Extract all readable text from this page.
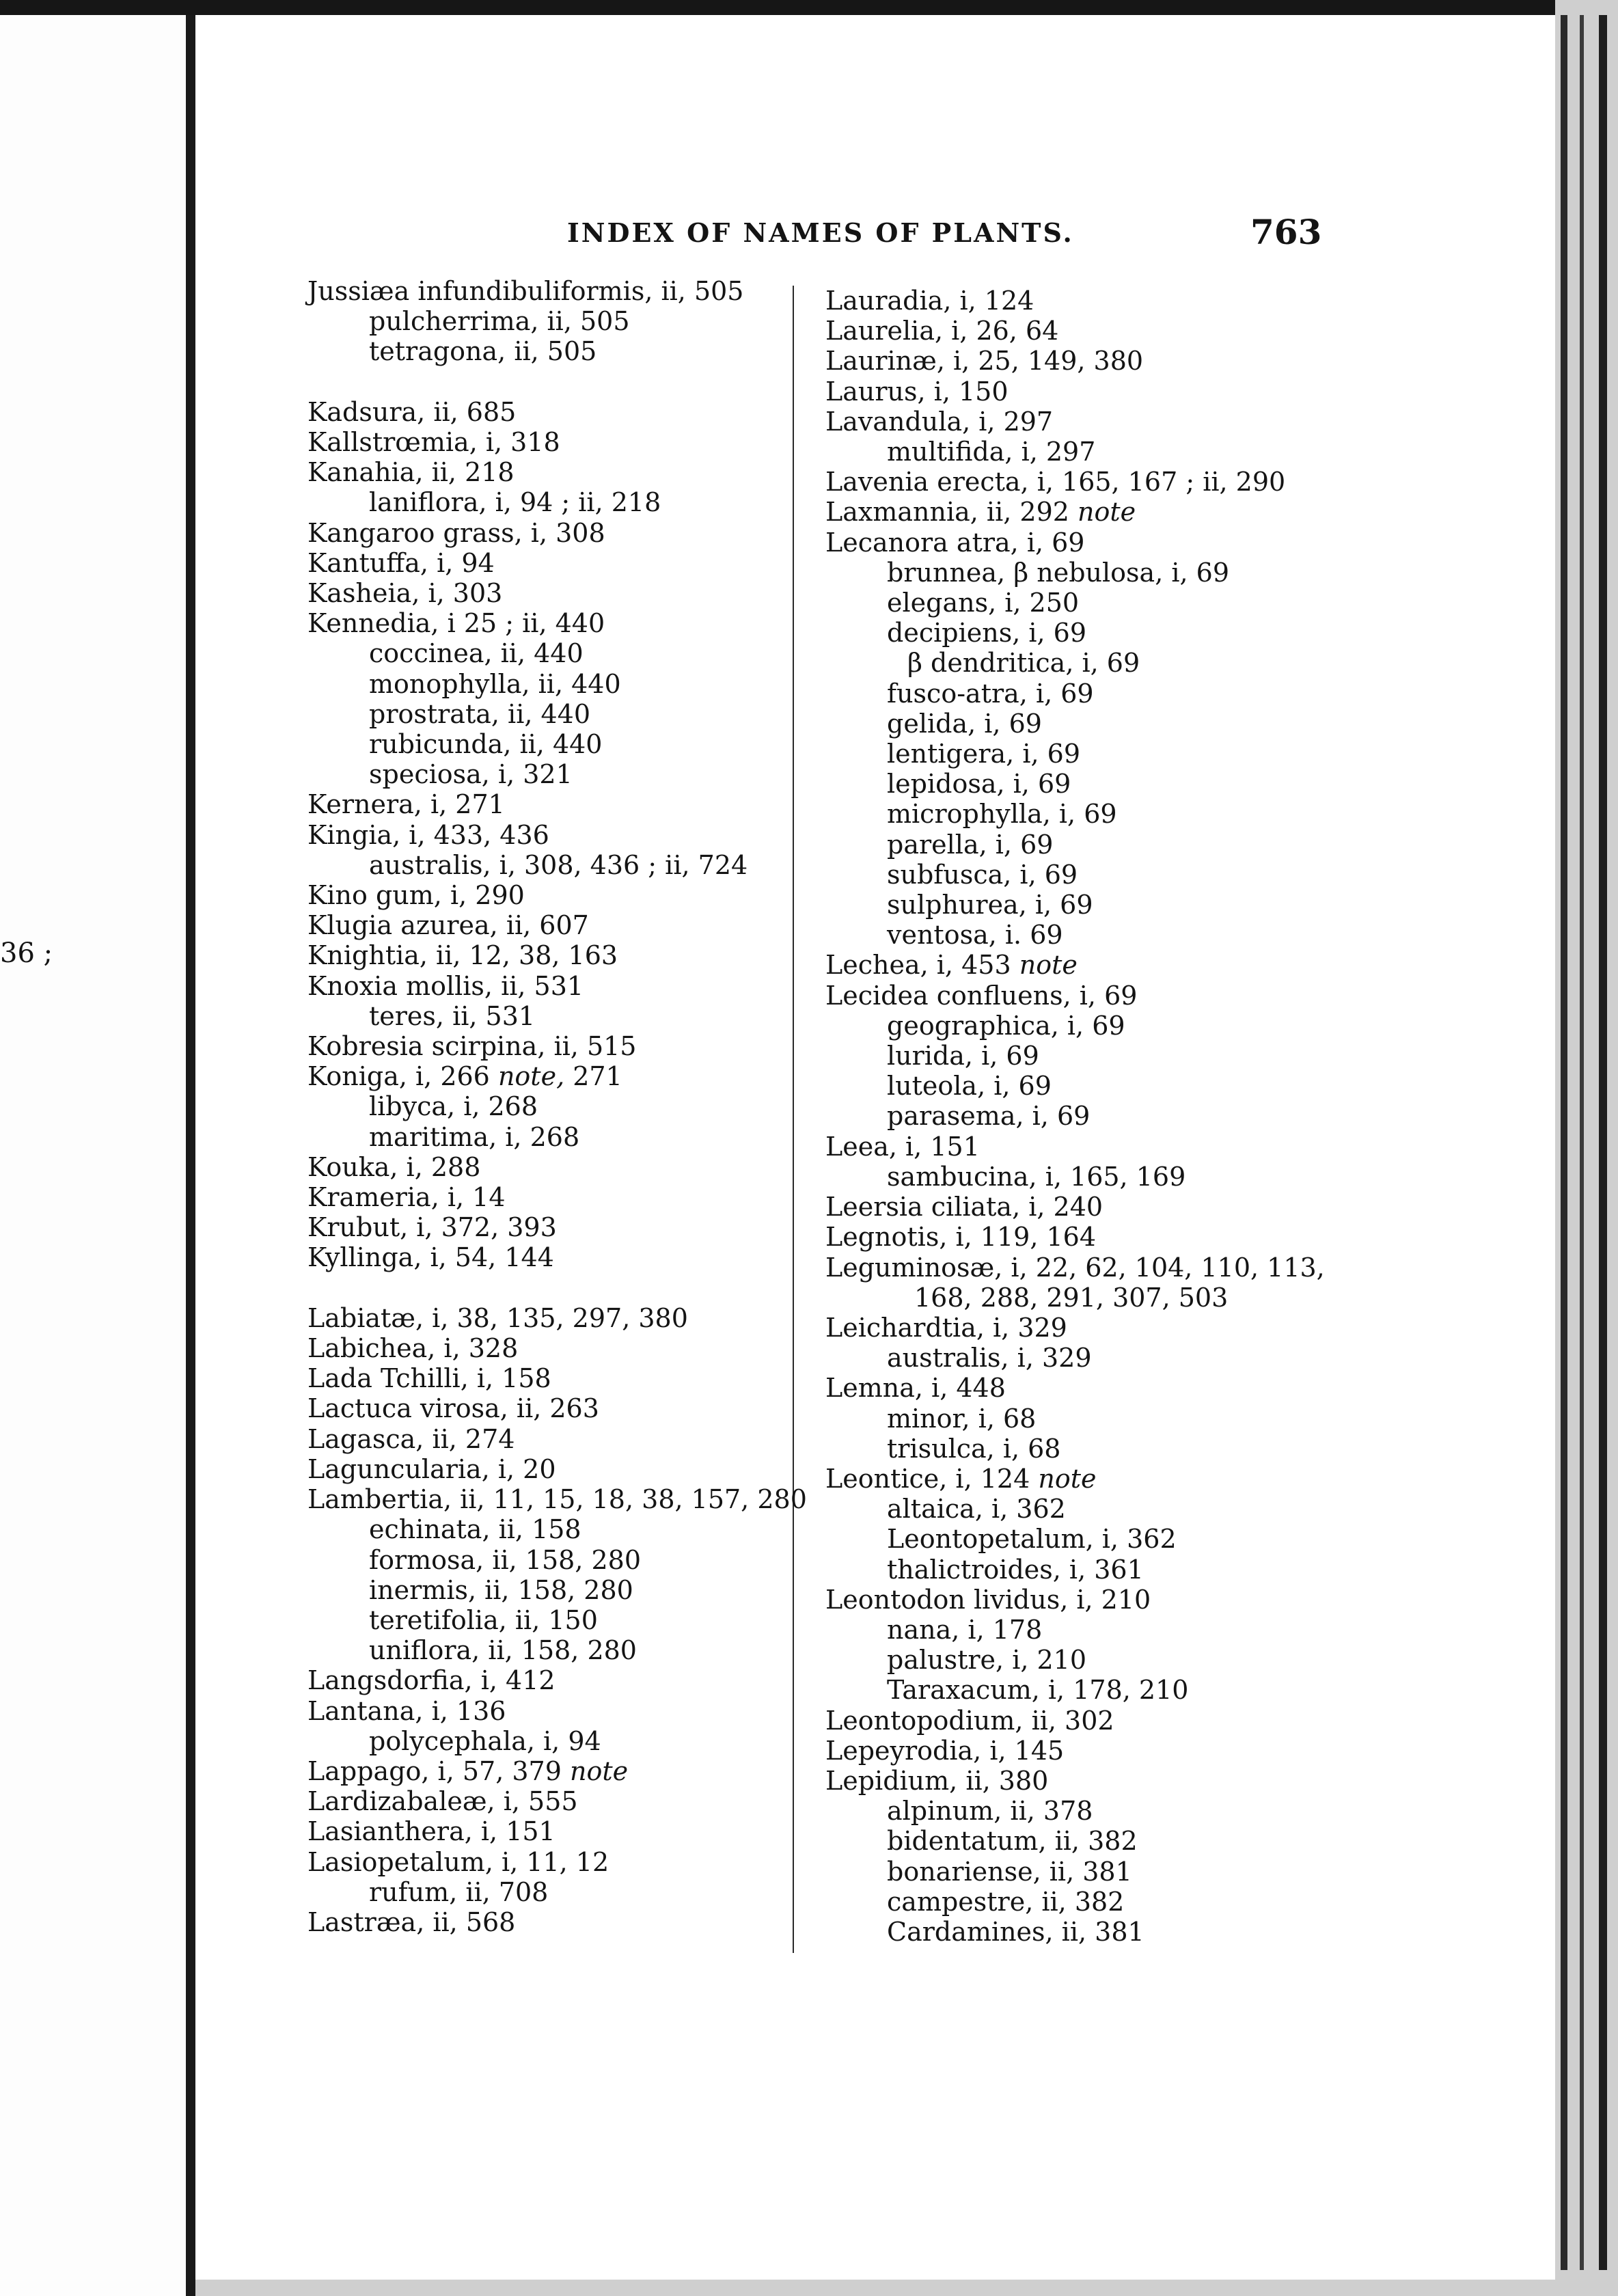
36 ;
INDEX OF NAMES OF PLANTS.	763
Jussiæa infundibuliformis, ii, 505
pulcherrima, ii, 505
tetragona, ii, 505
Kadsura, ii, 685
Kallstrœmia, i, 318
Kanahia, ii, 218
laniflora, i, 94 ; ii, 218
Kangaroo grass, i, 308
Kantuffa, i, 94
Kasheia, i, 303
Kennedia, i 25 ; ii, 440
coccinea, ii, 440
monophylla, ii, 440
prostrata, ii, 440
rubicunda, ii, 440
speciosa, i, 321
Kernera, i, 271
Kingia, i, 433, 436
australis, i, 308, 436 ; ii, 724
Kino gum, i, 290
Klugia azurea, ii, 607
Knightia, ii, 12, 38, 163
Knoxia mollis, ii, 531
teres, ii, 531
Kobresia scirpina, ii, 515
Koniga, i, 266 note, 271
libyca, i, 268
maritima, i, 268
Kouka, i, 288
Krameria, i, 14
Krubut, i, 372, 393
Kyllinga, i, 54, 144
Labiatæ, i, 38, 135, 297, 380
Labichea, i, 328
Lada Tchilli, i, 158
Lactuca virosa, ii, 263
Lagasca, ii, 274
Laguncularia, i, 20
Lambertia, ii, 11, 15, 18, 38, 157, 280
echinata, ii, 158
formosa, ii, 158, 280
inermis, ii, 158, 280
teretifolia, ii, 150
uniflora, ii, 158, 280
Langsdorfia, i, 412
Lantana, i, 136
polycephala, i, 94
Lappago, i, 57, 379 note
Lardizabaleæ, i, 555
Lasianthera, i, 151
Lasiopetalum, i, 11, 12
rufum, ii, 708
Lastræa, ii, 568
Lauradia, i, 124
Laurelia, i, 26, 64
Laurinæ, i, 25, 149, 380
Laurus, i, 150
Lavandula, i, 297
multifida, i, 297
Lavenia erecta, i, 165, 167 ; ii, 290
Laxmannia, ii, 292 note
Lecanora atra, i, 69
brunnea, β nebulosa, i, 69
elegans, i, 250
decipiens, i, 69
β dendritica, i, 69
fusco-atra, i, 69
gelida, i, 69
lentigera, i, 69
lepidosa, i, 69
microphylla, i, 69
parella, i, 69
subfusca, i, 69
sulphurea, i, 69
ventosa, i. 69
Lechea, i, 453 note
Lecidea confluens, i, 69
geographica, i, 69
lurida, i, 69
luteola, i, 69
parasema, i, 69
Leea, i, 151
sambucina, i, 165, 169
Leersia ciliata, i, 240
Legnotis, i, 119, 164
Leguminosæ, i, 22, 62, 104, 110, 113,
168, 288, 291, 307, 503
Leichardtia, i, 329
australis, i, 329
Lemna, i, 448
minor, i, 68
trisulca, i, 68
Leontice, i, 124 note
altaica, i, 362
Leontopetalum, i, 362
thalictroides, i, 361
Leontodon lividus, i, 210
nana, i, 178
palustre, i, 210
Taraxacum, i, 178, 210
Leontopodium, ii, 302
Lepeyrodia, i, 145
Lepidium, ii, 380
alpinum, ii, 378
bidentatum, ii, 382
bonariense, ii, 381
campestre, ii, 382
Cardamines, ii, 381
